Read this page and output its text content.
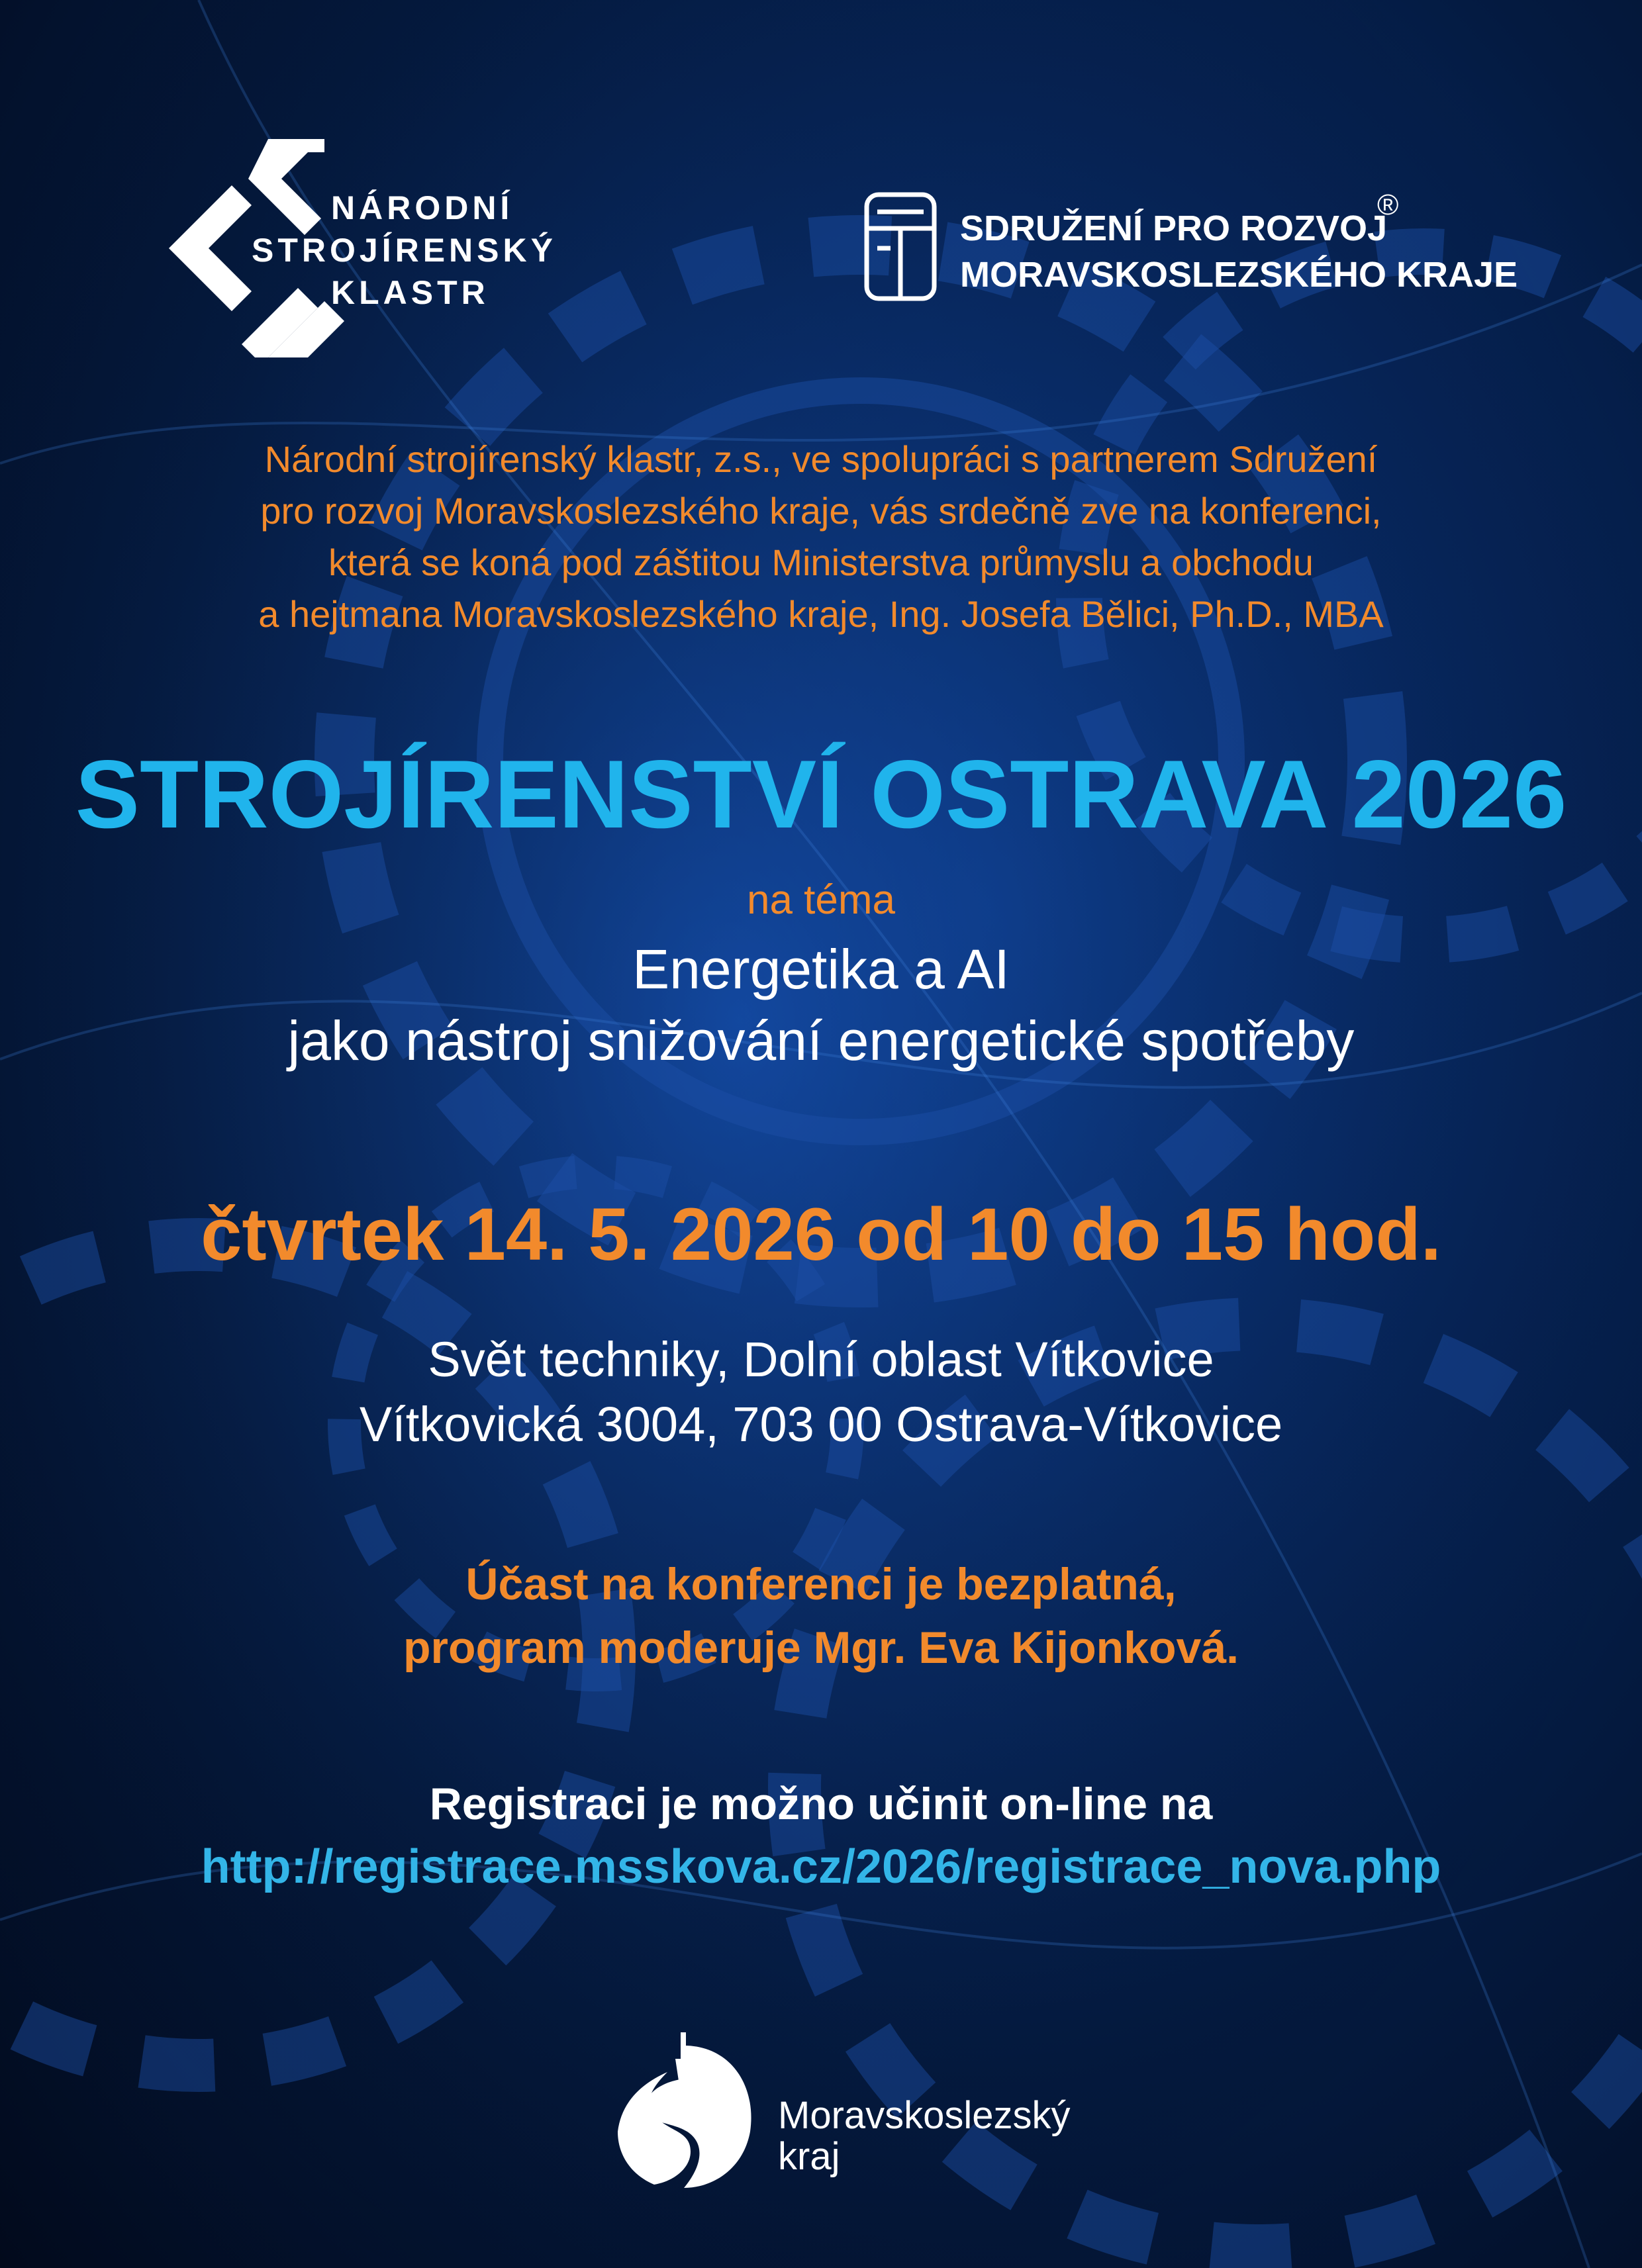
NÁRODNÍ
STROJÍRENSKÝ
KLASTR
SDRUŽENÍ PRO ROZVOJ
MORAVSKOSLEZSKÉHO KRAJE
®
Národní strojírenský klastr, z.s., ve spolupráci s partnerem Sdružení
pro rozvoj Moravskoslezského kraje, vás srdečně zve na konferenci,
která se koná pod záštitou Ministerstva průmyslu a obchodu
a hejtmana Moravskoslezského kraje, Ing. Josefa Bělici, Ph.D., MBA
STROJÍRENSTVÍ OSTRAVA 2026
na téma
Energetika a AI
jako nástroj snižování energetické spotřeby
čtvrtek 14. 5. 2026 od 10 do 15 hod.
Svět techniky, Dolní oblast Vítkovice
Vítkovická 3004, 703 00 Ostrava-Vítkovice
Účast na konferenci je bezplatná,
program moderuje Mgr. Eva Kijonková.
Registraci je možno učinit on-line na
http://registrace.msskova.cz/2026/registrace_nova.php
Moravskoslezský
kraj
